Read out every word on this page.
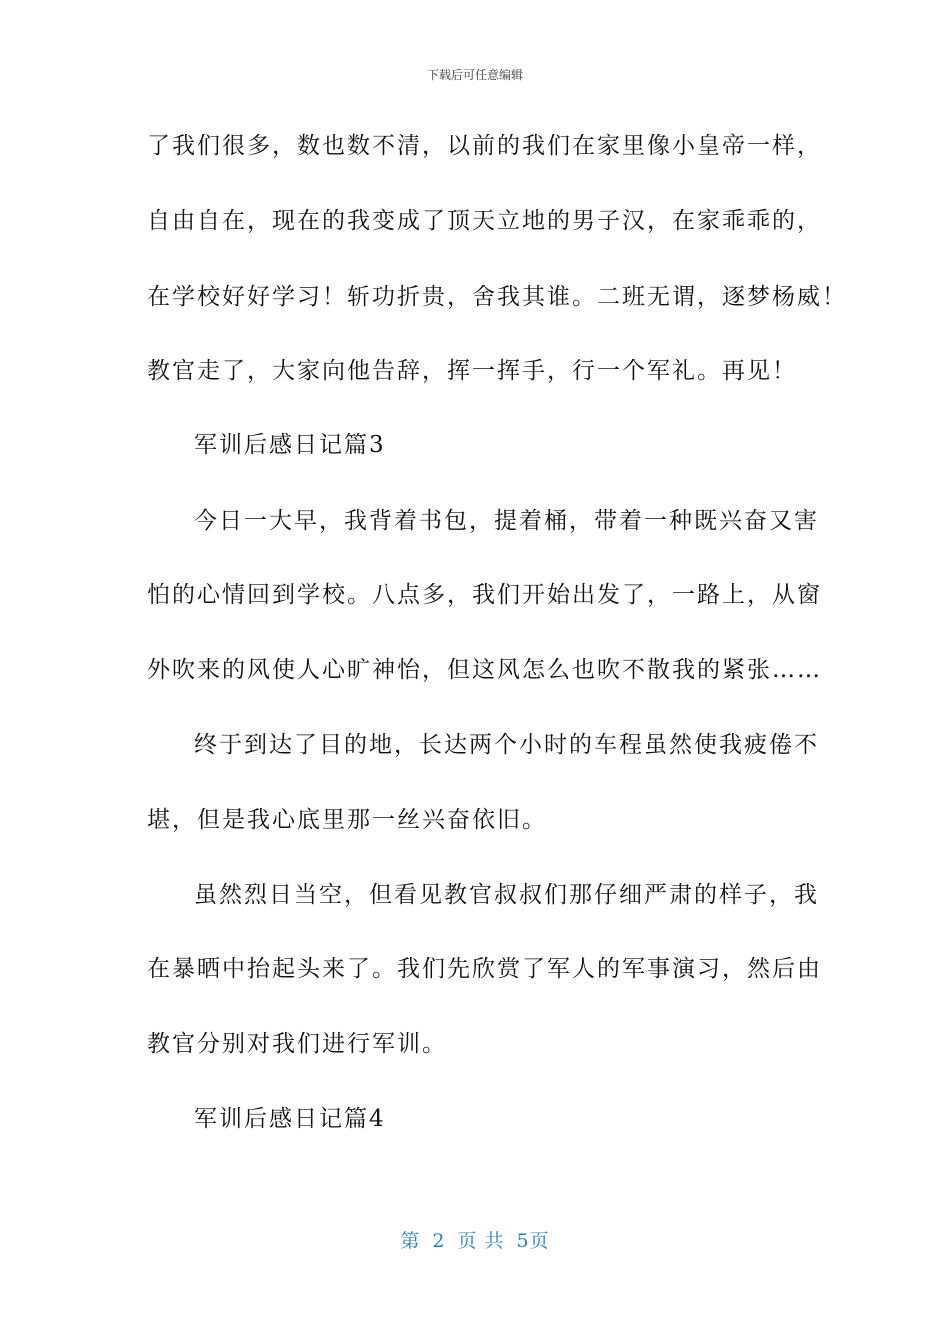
下载后可任意编辑
了我们很多，数也数不清，以前的我们在家里像小皇帝一样，
自由自在，现在的我变成了顶天立地的男子汉，在家乖乖的，
在学校好好学习！斩功折贵，舍我其谁。二班无谓，逐梦杨威！
教官走了，大家向他告辞，挥一挥手，行一个军礼。再见！
军训后感日记篇3
今日一大早，我背着书包，提着桶，带着一种既兴奋又害
怕的心情回到学校。八点多，我们开始出发了，一路上，从窗
外吹来的风使人心旷神怡，但这风怎么也吹不散我的紧张……
终于到达了目的地，长达两个小时的车程虽然使我疲倦不
堪，但是我心底里那一丝兴奋依旧。
虽然烈日当空，但看见教官叔叔们那仔细严肃的样子，我
在暴晒中抬起头来了。我们先欣赏了军人的军事演习，然后由
教官分别对我们进行军训。
军训后感日记篇4
第 2 页 共 5页
